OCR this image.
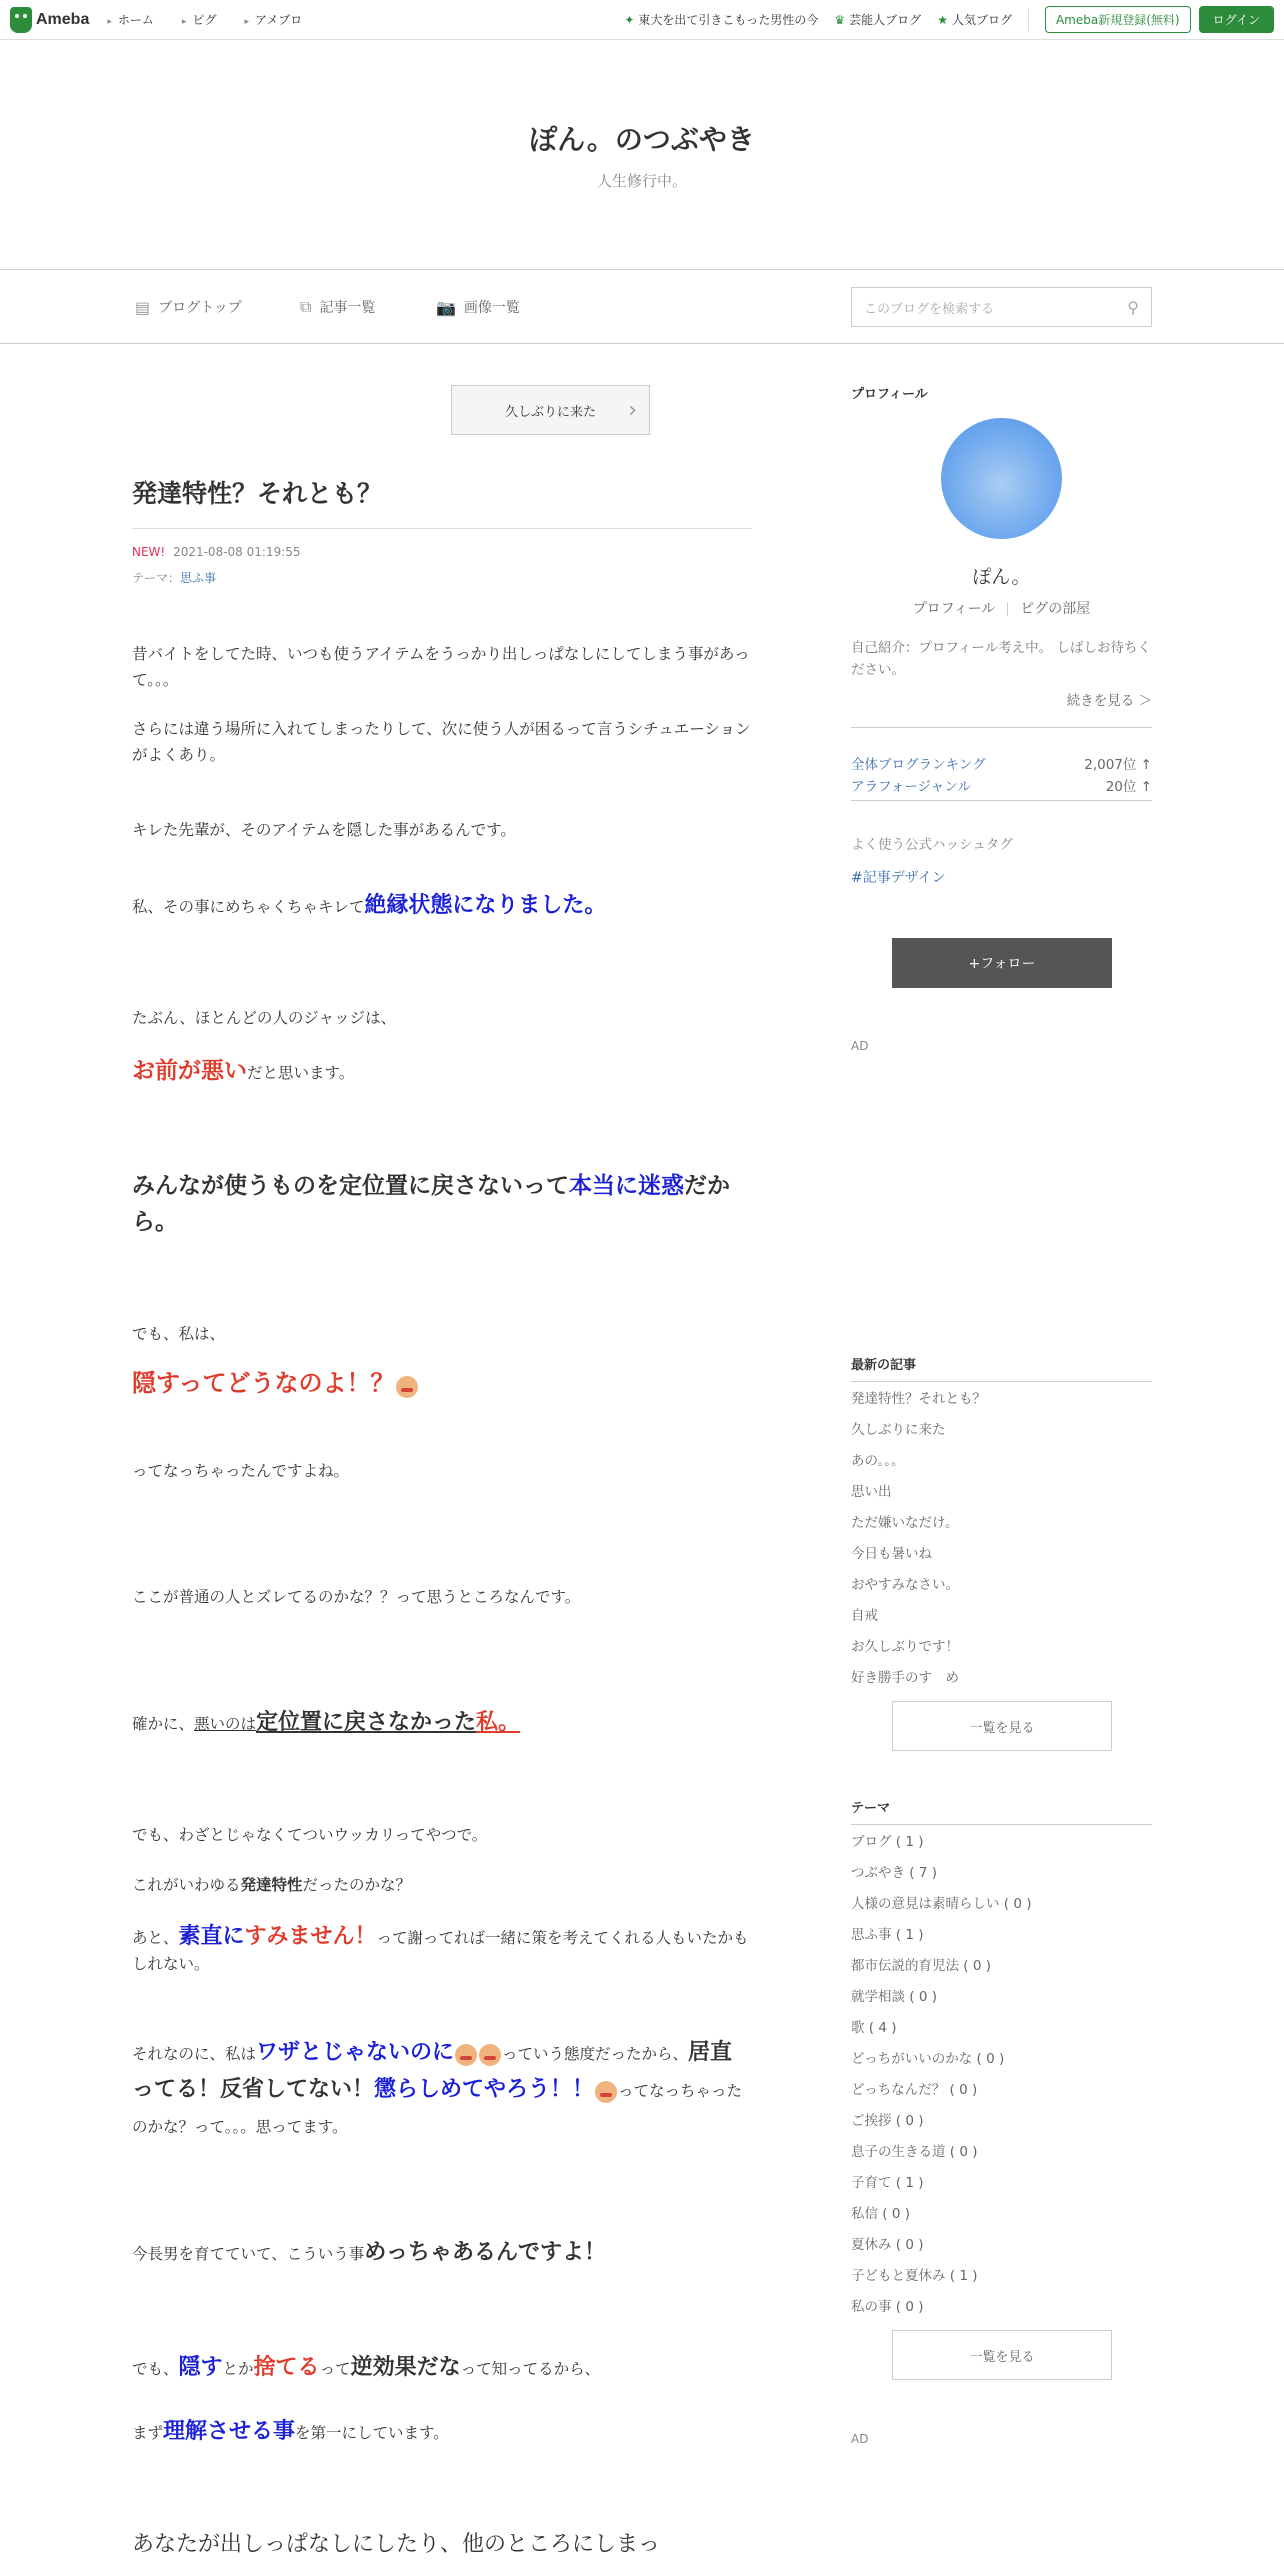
Ameba	▸ ホーム	▸ ピグ	▸ アメブロ	✦ 東大を出て引きこもった男性の今 ♛ 芸能人ブログ ★ 人気ブログ	Ameba新規登録(無料)	ログイン
ぽん。のつぶやき
人生修行中。
▤ ブログトップ	⧉ 記事一覧	📷 画像一覧	このブログを検索する	⚲
久しぶりに来た ›
発達特性？それとも？
NEW! 2021-08-08 01:19:55
テーマ：思ふ事
昔バイトをしてた時、いつも使うアイテムをうっかり出しっぱなしにしてしまう事があって。。。
さらには違う場所に入れてしまったりして、次に使う人が困るって言うシチュエーションがよくあり。
キレた先輩が、そのアイテムを隠した事があるんです。
私、その事にめちゃくちゃキレて絶縁状態になりました。
たぶん、ほとんどの人のジャッジは、
お前が悪いだと思います。
みんなが使うものを定位置に戻さないって本当に迷惑だから。
でも、私は、
隠すってどうなのよ！？
ってなっちゃったんですよね。
ここが普通の人とズレてるのかな？？って思うところなんです。
確かに、悪いのは定位置に戻さなかった私。
でも、わざとじゃなくてついウッカリってやつで。
これがいわゆる発達特性だったのかな？
あと、素直にすみません！って謝ってれば一緒に策を考えてくれる人もいたかもしれない。
それなのに、私はワザとじゃないのに	っていう態度だったから、居直ってる！反省してない！懲らしめてやろう！！ ってなっちゃったのかな？って。。。思ってます。
今長男を育てていて、こういう事めっちゃあるんですよ！
でも、隠すとか捨てるって逆効果だなって知ってるから、
まず理解させる事を第一にしています。
あなたが出しっぱなしにしたり、他のところにしまっ
プロフィール
ぽん。
プロフィール ピグの部屋
自己紹介：プロフィール考え中。 しばしお待ちください。
続きを見る ＞
全体ブログランキング	2,007位 ↑
アラフォージャンル	20位 ↑
よく使う公式ハッシュタグ
#記事デザイン
+フォロー
AD
最新の記事
発達特性？それとも？
久しぶりに来た
あの。。。
思い出
ただ嫌いなだけ。
今日も暑いね
おやすみなさい。
自戒
お久しぶりです！
好き勝手のす　め
一覧を見る
テーマ
ブログ ( 1 )
つぶやき ( 7 )
人様の意見は素晴らしい ( 0 )
思ふ事 ( 1 )
都市伝説的育児法 ( 0 )
就学相談 ( 0 )
歌 ( 4 )
どっちがいいのかな ( 0 )
どっちなんだ？ ( 0 )
ご挨拶 ( 0 )
息子の生きる道 ( 0 )
子育て ( 1 )
私信 ( 0 )
夏休み ( 0 )
子どもと夏休み ( 1 )
私の事 ( 0 )
一覧を見る
AD
